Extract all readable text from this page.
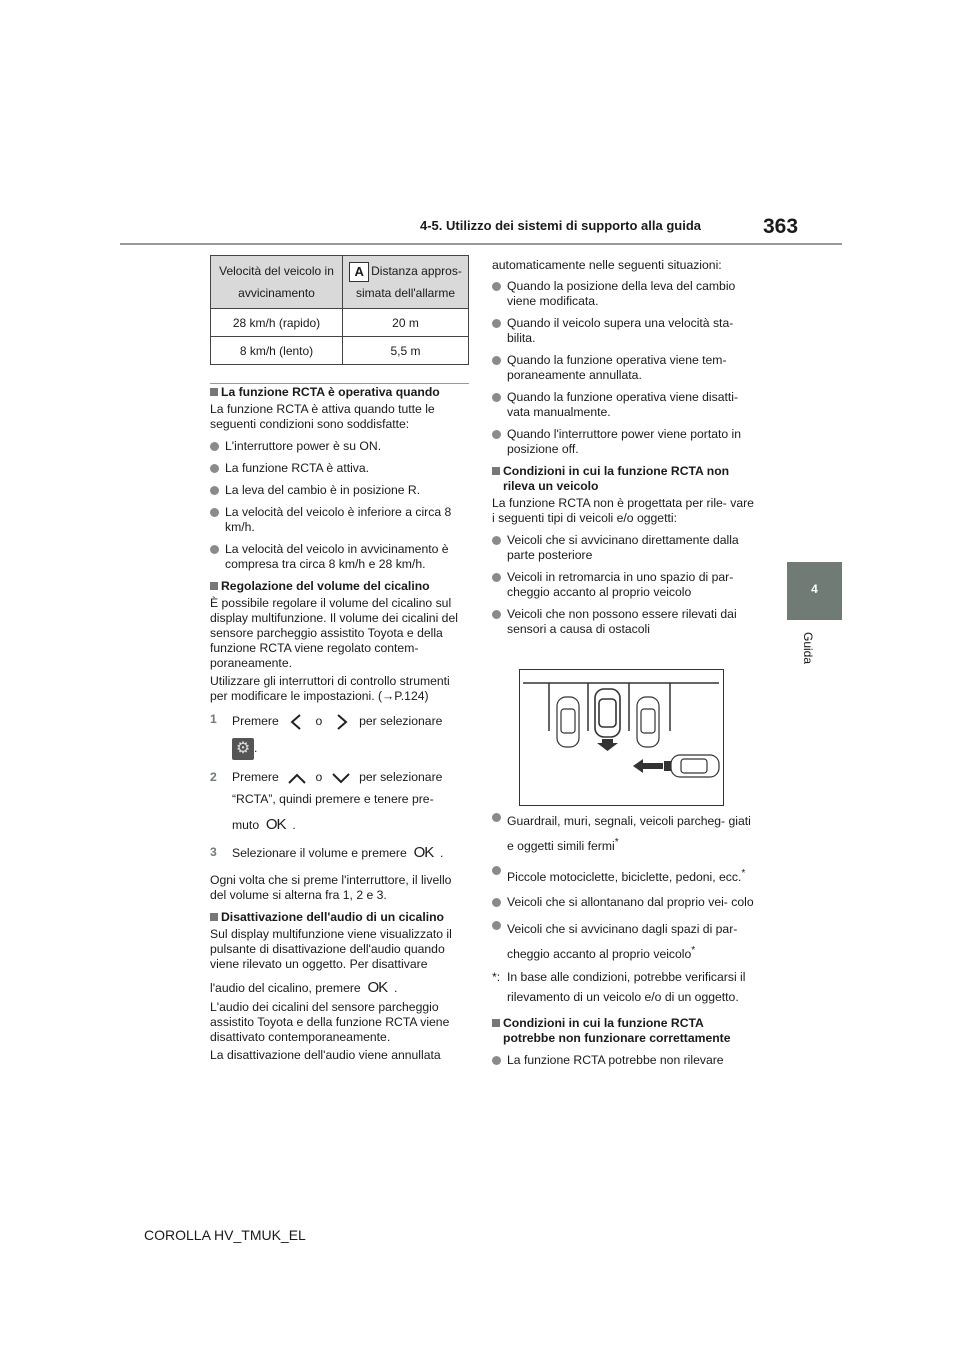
4-5. Utilizzo dei sistemi di supporto alla guida	363
4
Guida
Velocità del veicolo in avvicinamento	A Distanza appros- simata dell'allarme
28 km/h (rapido)	20 m
8 km/h (lento)	5,5 m

La funzione RCTA è operativa quando

La funzione RCTA è attiva quando tutte le seguenti condizioni sono soddisfatte:

L'interruttore power è su ON.

La funzione RCTA è attiva.

La leva del cambio è in posizione R.

La velocità del veicolo è inferiore a circa 8 km/h.

La velocità del veicolo in avvicinamento è compresa tra circa 8 km/h e 28 km/h.

Regolazione del volume del cicalino

È possibile regolare il volume del cicalino sul display multifunzione. Il volume dei cicalini del sensore parcheggio assistito Toyota e della funzione RCTA viene regolato contem- poraneamente.

Utilizzare gli interruttori di controllo strumenti per modificare le impostazioni. (→P.124)

1 Premere	o	per selezionare

⚙ .

2 Premere	o	per selezionare

“RCTA”, quindi premere e tenere pre-

muto OK .

3 Selezionare il volume e premere OK .

Ogni volta che si preme l'interruttore, il livello del volume si alterna fra 1, 2 e 3.

Disattivazione dell'audio di un cicalino

Sul display multifunzione viene visualizzato il pulsante di disattivazione dell'audio quando viene rilevato un oggetto. Per disattivare

l'audio del cicalino, premere OK .

L'audio dei cicalini del sensore parcheggio assistito Toyota e della funzione RCTA viene disattivato contemporaneamente.

La disattivazione dell'audio viene annullata

automaticamente nelle seguenti situazioni:

Quando la posizione della leva del cambio viene modificata.

Quando il veicolo supera una velocità sta- bilita.

Quando la funzione operativa viene tem- poraneamente annullata.

Quando la funzione operativa viene disatti- vata manualmente.

Quando l'interruttore power viene portato in posizione off.

Condizioni in cui la funzione RCTA non rileva un veicolo

La funzione RCTA non è progettata per rile- vare i seguenti tipi di veicoli e/o oggetti:

Veicoli che si avvicinano direttamente dalla parte posteriore

Veicoli in retromarcia in uno spazio di par- cheggio accanto al proprio veicolo

Veicoli che non possono essere rilevati dai sensori a causa di ostacoli

Guardrail, muri, segnali, veicoli parcheg- giati e oggetti simili fermi*

Piccole motociclette, biciclette, pedoni, ecc.*

Veicoli che si allontanano dal proprio vei- colo

Veicoli che si avvicinano dagli spazi di par- cheggio accanto al proprio veicolo*

*: In base alle condizioni, potrebbe verificarsi il rilevamento di un veicolo e/o di un oggetto.

Condizioni in cui la funzione RCTA potrebbe non funzionare correttamente

La funzione RCTA potrebbe non rilevare

COROLLA HV_TMUK_EL
